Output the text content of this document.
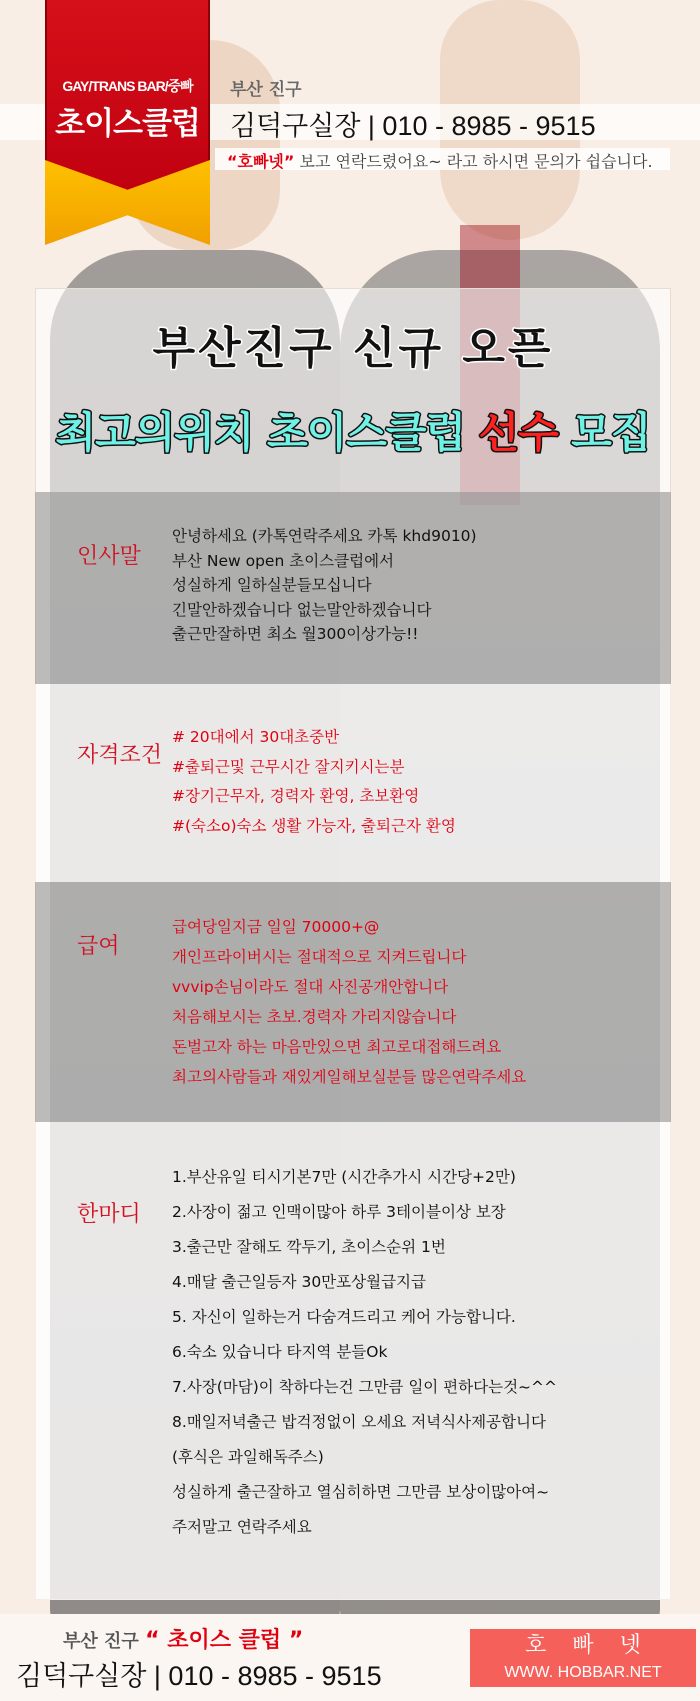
GAY/TRANS BAR/중빠
초이스클럽
부산 진구
김덕구실장 | 010 - 8985 - 9515
“호빠넷” 보고 연락드렸어요~ 라고 하시면 문의가 쉽습니다.
부산진구 신규 오픈
최고의위치 초이스클럽 선수 모집
인사말
안녕하세요 (카톡연락주세요 카톡 khd9010)
부산 New open 초이스클럽에서
성실하게 일하실분들모십니다
긴말안하겠습니다 없는말안하겠습니다
출근만잘하면 최소 월300이상가능!!
자격조건
# 20대에서 30대초중반
#출퇴근및 근무시간 잘지키시는분
#장기근무자, 경력자 환영, 초보환영
#(숙소o)숙소 생활 가능자, 출퇴근자 환영
급여
급여당일지금 일일 70000+@
개인프라이버시는 절대적으로 지켜드립니다
vvvip손님이라도 절대 사진공개안합니다
처음해보시는 초보.경력자 가리지않습니다
돈벌고자 하는 마음만있으면 최고로대접해드려요
최고의사람들과 재있게일해보실분들 많은연락주세요
한마디
1.부산유일 티시기본7만 (시간추가시 시간당+2만)
2.사장이 젊고 인맥이많아 하루 3테이블이상 보장
3.출근만 잘해도 깍두기, 초이스순위 1번
4.매달 출근일등자 30만포상월급지급
5. 자신이 일하는거 다숨겨드리고 케어 가능합니다.
6.숙소 있습니다 타지역 분들Ok
7.사장(마담)이 착하다는건 그만큼 일이 편하다는것~^^
8.매일저녁출근 밥걱정없이 오세요 저녁식사제공합니다
(후식은 과일해독주스)
성실하게 출근잘하고 열심히하면 그만큼 보상이많아여~
주저말고 연락주세요
부산 진구 “ 초이스 클럽 ”
김덕구실장 | 010 - 8985 - 9515
호빠넷
WWW. HOBBAR.NET
